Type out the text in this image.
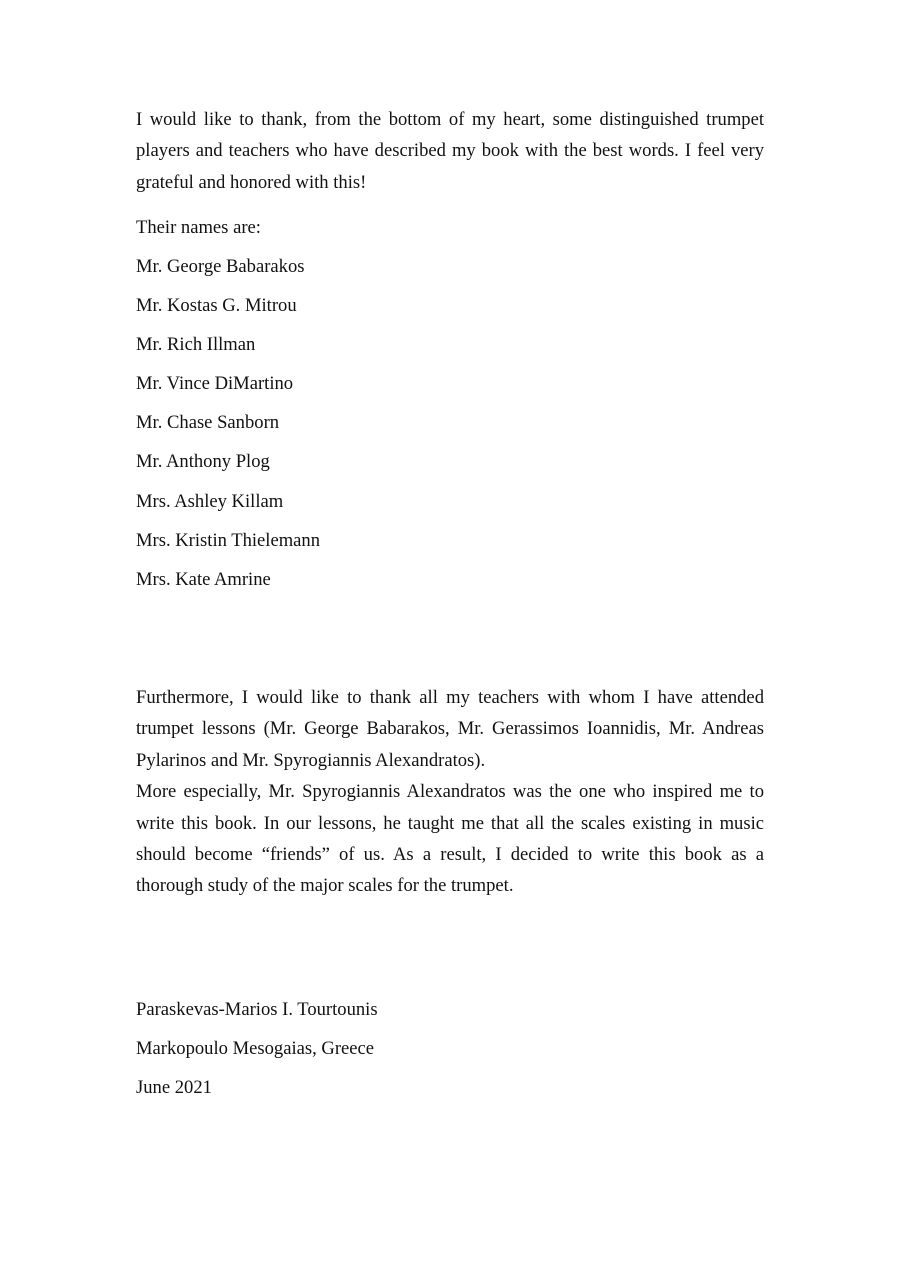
I would like to thank, from the bottom of my heart, some distinguished trumpet players and teachers who have described my book with the best words. I feel very grateful and honored with this!

Their names are:

Mr. George Babarakos
Mr. Kostas G. Mitrou
Mr. Rich Illman
Mr. Vince DiMartino
Mr. Chase Sanborn
Mr. Anthony Plog
Mrs. Ashley Killam
Mrs. Kristin Thielemann
Mrs. Kate Amrine

Furthermore, I would like to thank all my teachers with whom I have attended trumpet lessons (Mr. George Babarakos, Mr. Gerassimos Ioannidis, Mr. Andreas Pylarinos and Mr. Spyrogiannis Alexandratos).

More especially, Mr. Spyrogiannis Alexandratos was the one who inspired me to write this book. In our lessons, he taught me that all the scales existing in music should become “friends” of us. As a result, I decided to write this book as a thorough study of the major scales for the trumpet.

Paraskevas-Marios I. Tourtounis
Markopoulo Mesogaias, Greece
June 2021
